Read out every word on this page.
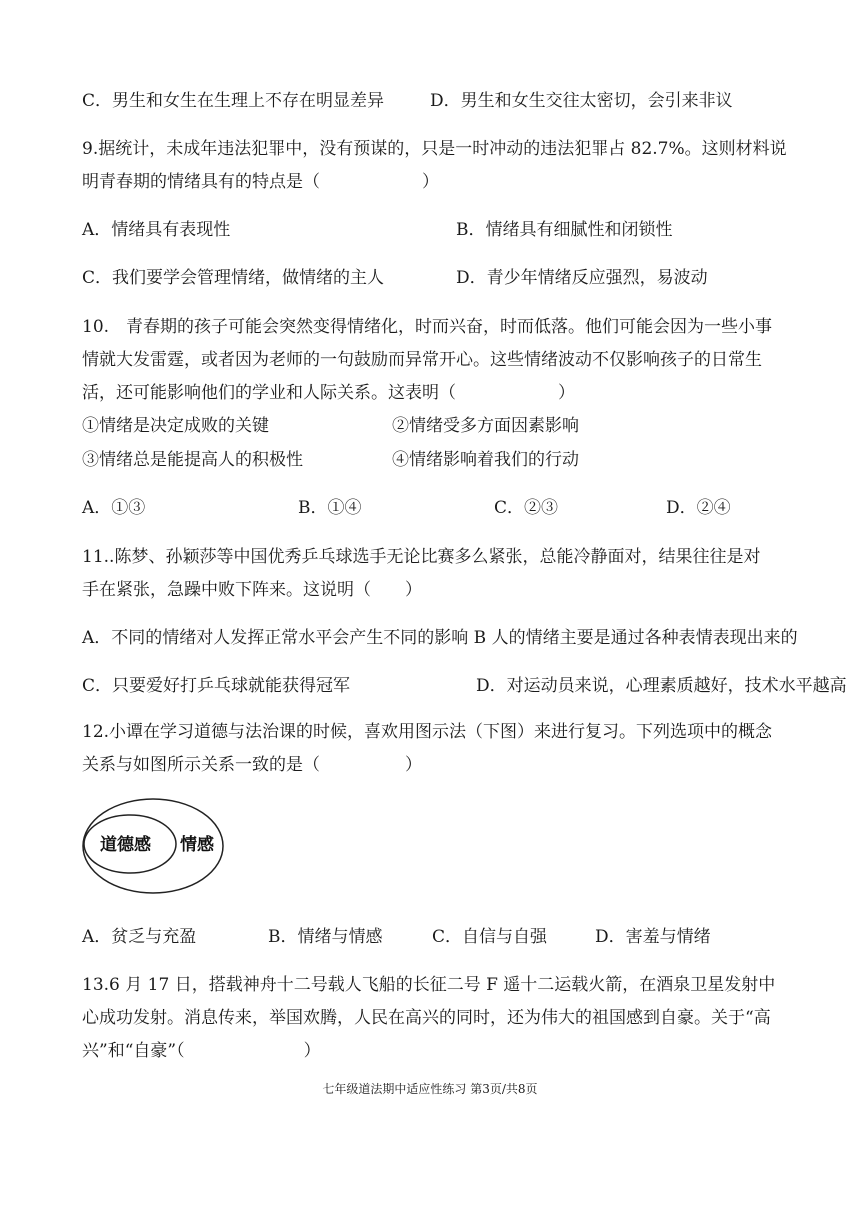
C．男生和女生在生理上不存在明显差异	D．男生和女生交往太密切，会引来非议
9.据统计，未成年违法犯罪中，没有预谋的，只是一时冲动的违法犯罪占 82.7%。这则材料说
明青春期的情绪具有的特点是（　　　　　　）
A．情绪具有表现性	B．情绪具有细腻性和闭锁性
C．我们要学会管理情绪，做情绪的主人	D．青少年情绪反应强烈，易波动
10.　青春期的孩子可能会突然变得情绪化，时而兴奋，时而低落。他们可能会因为一些小事
情就大发雷霆，或者因为老师的一句鼓励而异常开心。这些情绪波动不仅影响孩子的日常生
活，还可能影响他们的学业和人际关系。这表明（　　　　　　）
①情绪是决定成败的关键	②情绪受多方面因素影响
③情绪总是能提高人的积极性	④情绪影响着我们的行动
A．①③	B．①④	C．②③	D．②④
11..陈梦、孙颖莎等中国优秀乒乓球选手无论比赛多么紧张，总能冷静面对，结果往往是对
手在紧张，急躁中败下阵来。这说明（　　）
A．不同的情绪对人发挥正常水平会产生不同的影响 B 人的情绪主要是通过各种表情表现出来的
C．只要爱好打乒乓球就能获得冠军	D．对运动员来说，心理素质越好，技术水平越高
12.小谭在学习道德与法治课的时候，喜欢用图示法（下图）来进行复习。下列选项中的概念
关系与如图所示关系一致的是（　　　　　）
道德感 情感
A．贫乏与充盈	B．情绪与情感	C．自信与自强	D．害羞与情绪
13.6 月 17 日，搭载神舟十二号载人飞船的长征二号 F 遥十二运载火箭，在酒泉卫星发射中
心成功发射。消息传来，举国欢腾，人民在高兴的同时，还为伟大的祖国感到自豪。关于“高
兴”和“自豪”（　　　　　　　）
七年级道法期中适应性练习 第3页/共8页
